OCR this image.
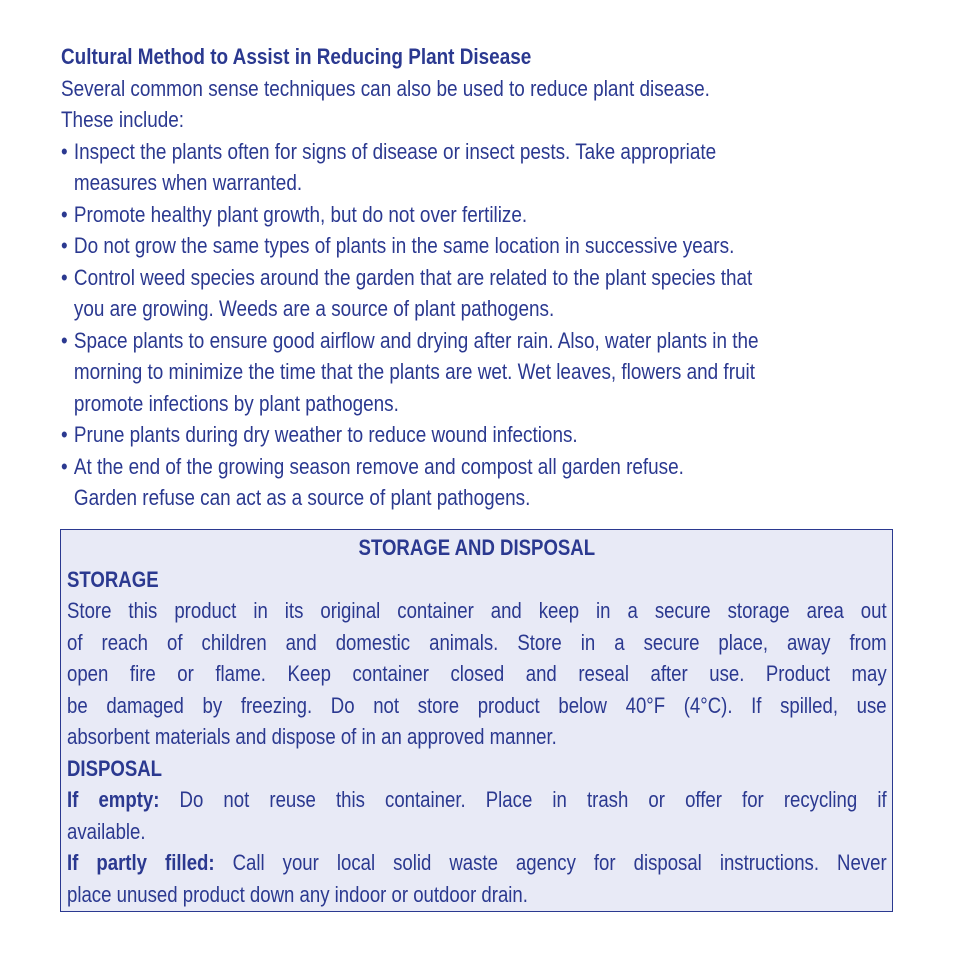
Cultural Method to Assist in Reducing Plant Disease

Several common sense techniques can also be used to reduce plant disease.
These include:
• Inspect the plants often for signs of disease or insect pests. Take appropriate
measures when warranted.
• Promote healthy plant growth, but do not over fertilize.
• Do not grow the same types of plants in the same location in successive years.
• Control weed species around the garden that are related to the plant species that
you are growing. Weeds are a source of plant pathogens.
• Space plants to ensure good airflow and drying after rain. Also, water plants in the
morning to minimize the time that the plants are wet. Wet leaves, flowers and fruit
promote infections by plant pathogens.
• Prune plants during dry weather to reduce wound infections.
• At the end of the growing season remove and compost all garden refuse.
Garden refuse can act as a source of plant pathogens.

STORAGE AND DISPOSAL

STORAGE

Store this product in its original container and keep in a secure storage area out
of reach of children and domestic animals. Store in a secure place, away from
open fire or flame. Keep container closed and reseal after use. Product may
be damaged by freezing. Do not store product below 40°F (4°C). If spilled, use
absorbent materials and dispose of in an approved manner.

DISPOSAL

If empty: Do not reuse this container. Place in trash or offer for recycling if
available.
If partly filled: Call your local solid waste agency for disposal instructions. Never
place unused product down any indoor or outdoor drain.
